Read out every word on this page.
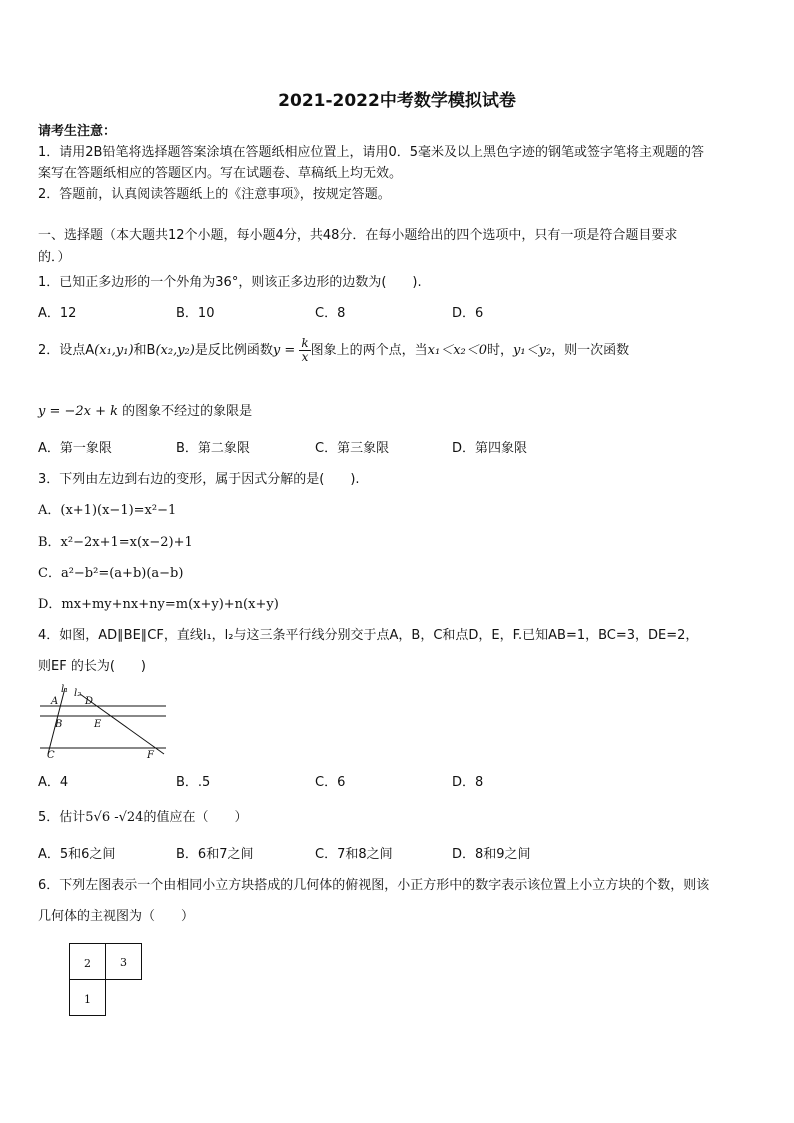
2021-2022中考数学模拟试卷
请考生注意：
1．请用2B铅笔将选择题答案涂填在答题纸相应位置上，请用0．5毫米及以上黑色字迹的钢笔或签字笔将主观题的答
案写在答题纸相应的答题区内。写在试题卷、草稿纸上均无效。
2．答题前，认真阅读答题纸上的《注意事项》，按规定答题。
一、选择题（本大题共12个小题，每小题4分，共48分．在每小题给出的四个选项中，只有一项是符合题目要求
的．）
1．已知正多边形的一个外角为36°，则该正多边形的边数为(　　).
A．12	B．10	C．8	D．6
2．设点A(x₁,y₁)和B(x₂,y₂)是反比例函数$y = \frac{k}{x}$ 图象上的两个点，当x₁＜x₂＜0时，y₁＜y₂，则一次函数
y = −2x + k 的图象不经过的象限是
A．第一象限	B．第二象限	C．第三象限	D．第四象限
3．下列由左边到右边的变形，属于因式分解的是(　　).
A．(x+1)(x−1)=x²−1
B．x²−2x+1=x(x−2)+1
C．a²−b²=(a+b)(a−b)
D．mx+my+nx+ny=m(x+y)+n(x+y)
4．如图，AD∥BE∥CF，直线l₁，l₂与这三条平行线分别交于点A，B，C和点D，E，F.已知AB=1，BC=3，DE=2，
则EF 的长为(　　)
l₁ l₂
A	D
B	E
C	F
A．4	B．.5	C．6	D．8
5．估计5√6 -√24的值应在（　　）
A．5和6之间	B．6和7之间	C．7和8之间	D．8和9之间
6．下列左图表示一个由相同小立方块搭成的几何体的俯视图，小正方形中的数字表示该位置上小立方块的个数，则该
几何体的主视图为（　　）
2	3
1
